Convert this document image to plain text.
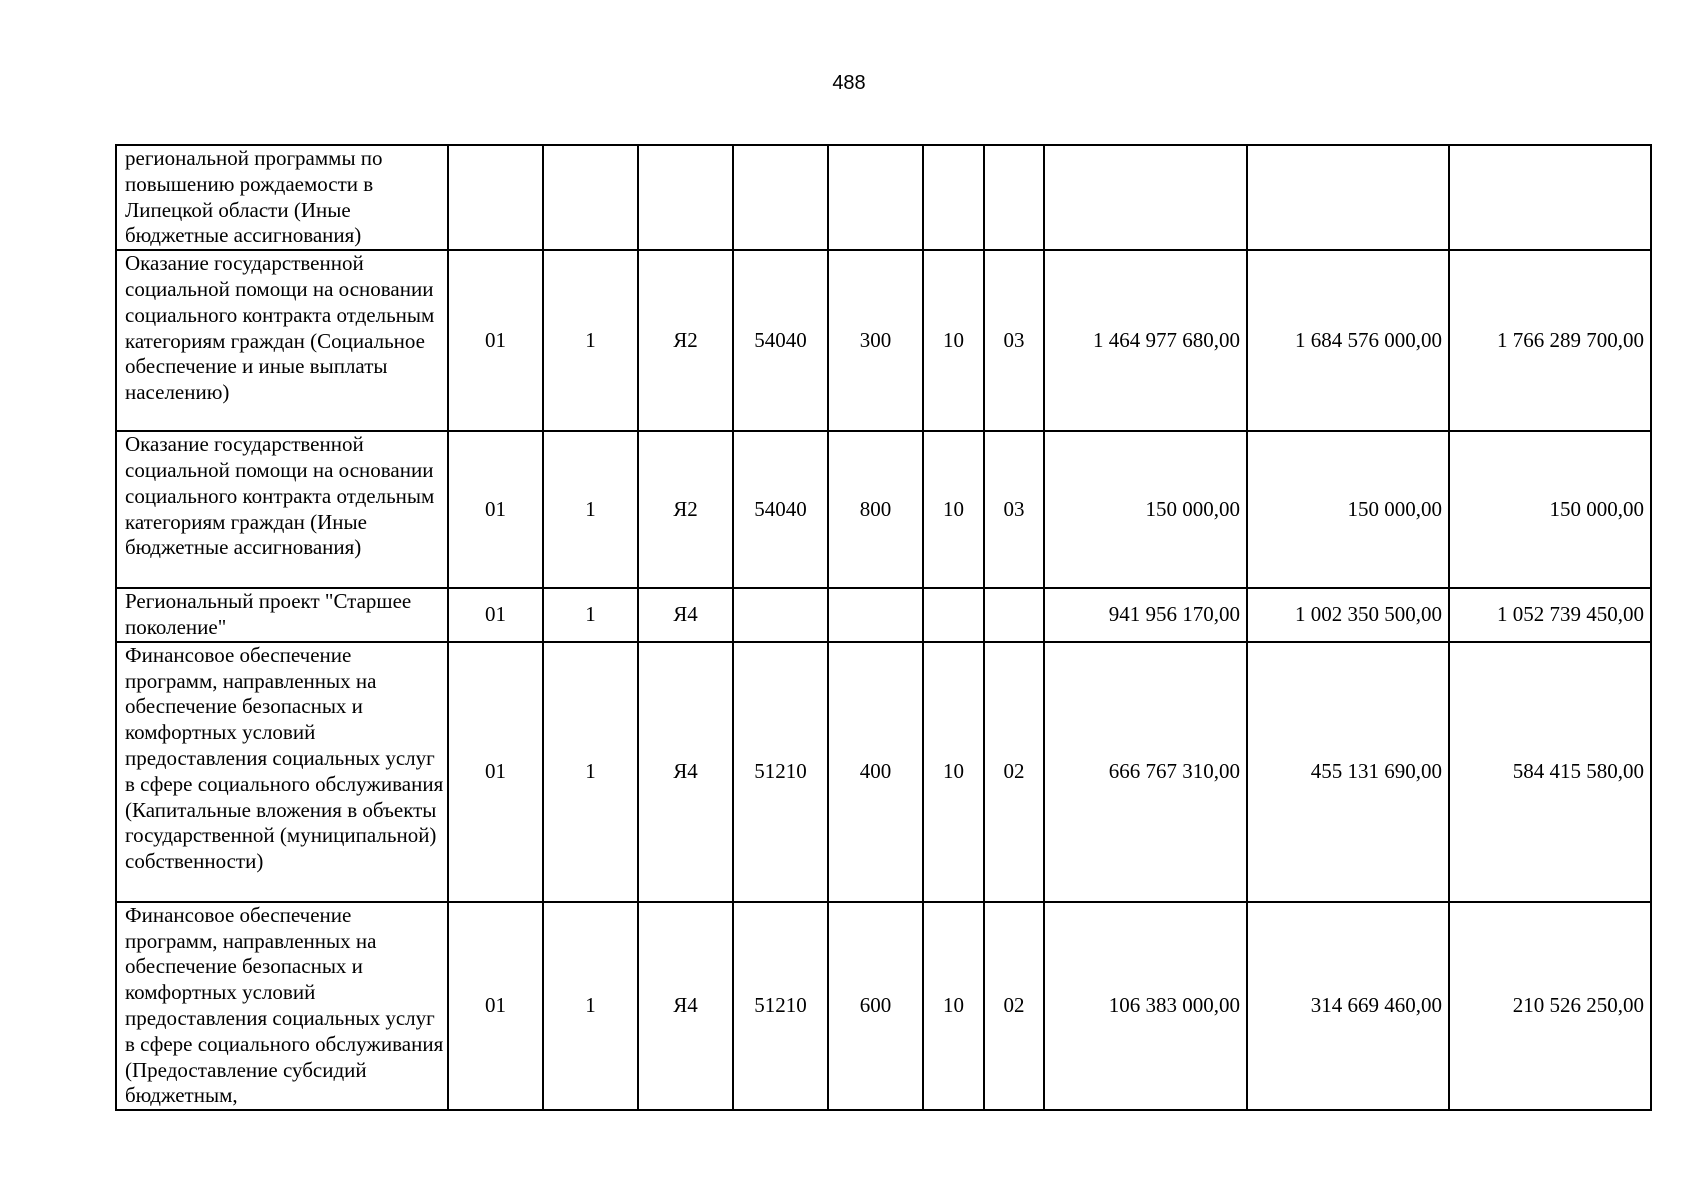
488
региональной программы по повышению рождаемости в Липецкой области (Иные бюджетные ассигнования)										
Оказание государственной социальной помощи на основании социального контракта отдельным категориям граждан (Социальное обеспечение и иные выплаты населению)	01	1	Я2	54040	300	10	03	1 464 977 680,00	1 684 576 000,00	1 766 289 700,00
Оказание государственной социальной помощи на основании социального контракта отдельным категориям граждан (Иные бюджетные ассигнования)	01	1	Я2	54040	800	10	03	150 000,00	150 000,00	150 000,00
Региональный проект "Старшее поколение"	01	1	Я4					941 956 170,00	1 002 350 500,00	1 052 739 450,00
Финансовое обеспечение программ, направленных на обеспечение безопасных и комфортных условий предоставления социальных услуг в сфере социального обслуживания (Капитальные вложения в объекты государственной (муниципальной) собственности)	01	1	Я4	51210	400	10	02	666 767 310,00	455 131 690,00	584 415 580,00
Финансовое обеспечение программ, направленных на обеспечение безопасных и комфортных условий предоставления социальных услуг в сфере социального обслуживания (Предоставление субсидий бюджетным,	01	1	Я4	51210	600	10	02	106 383 000,00	314 669 460,00	210 526 250,00
